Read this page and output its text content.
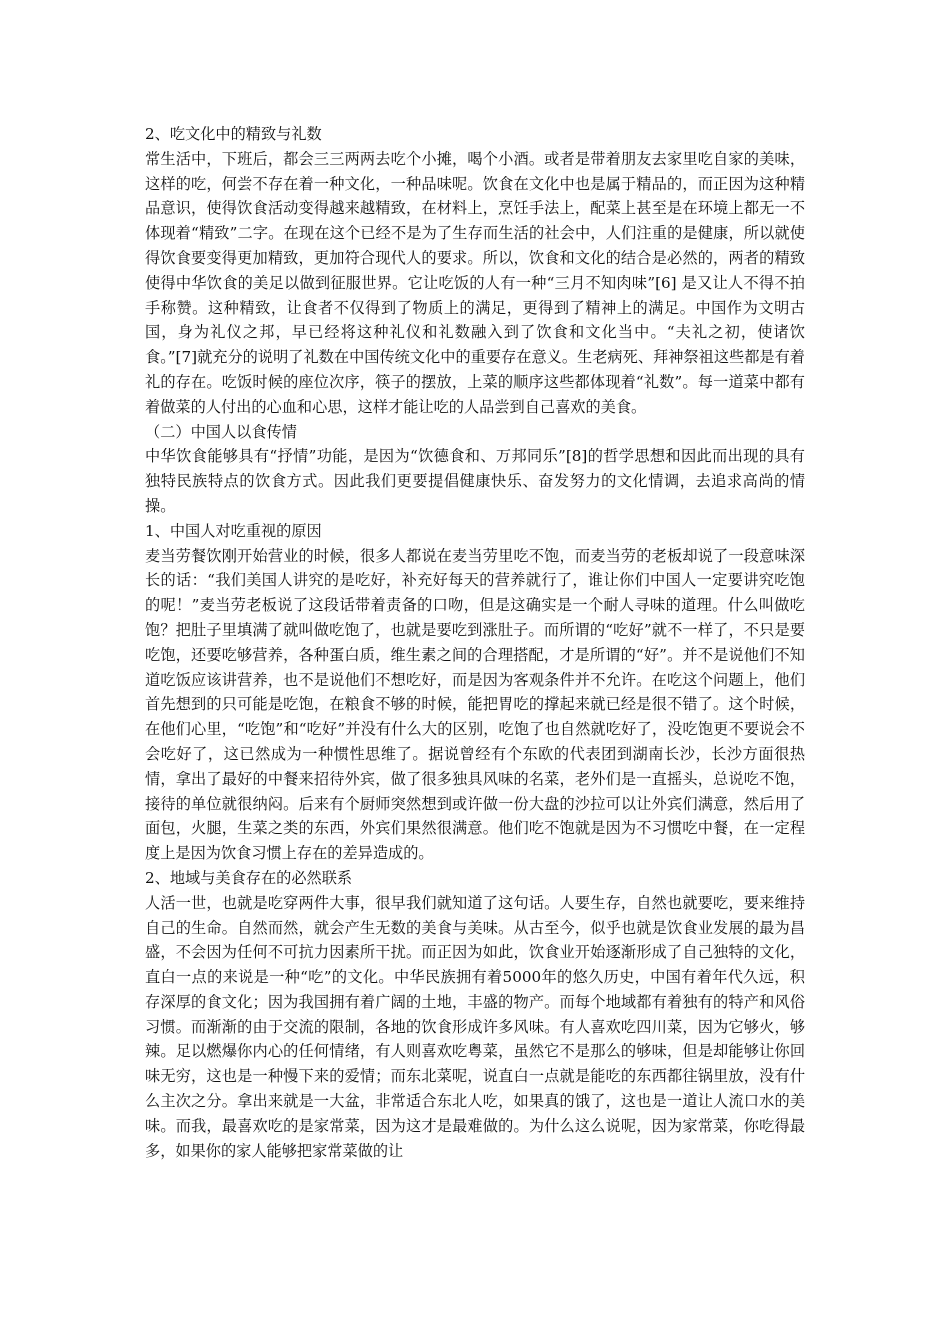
2、吃文化中的精致与礼数

常生活中，下班后，都会三三两两去吃个小摊，喝个小酒。或者是带着朋友去家里吃自家的美味，这样的吃，何尝不存在着一种文化，一种品味呢。饮食在文化中也是属于精品的，而正因为这种精品意识，使得饮食活动变得越来越精致，在材料上，烹饪手法上，配菜上甚至是在环境上都无一不体现着“精致”二字。在现在这个已经不是为了生存而生活的社会中，人们注重的是健康，所以就使得饮食要变得更加精致，更加符合现代人的要求。所以，饮食和文化的结合是必然的，两者的精致使得中华饮食的美足以做到征服世界。它让吃饭的人有一种“三月不知肉味”[6] 是又让人不得不拍手称赞。这种精致，让食者不仅得到了物质上的满足，更得到了精神上的满足。中国作为文明古国，身为礼仪之邦，早已经将这种礼仪和礼数融入到了饮食和文化当中。“夫礼之初，使诸饮食。”[7]就充分的说明了礼数在中国传统文化中的重要存在意义。生老病死、拜神祭祖这些都是有着礼的存在。吃饭时候的座位次序，筷子的摆放，上菜的顺序这些都体现着“礼数”。每一道菜中都有着做菜的人付出的心血和心思，这样才能让吃的人品尝到自己喜欢的美食。

（二）中国人以食传情

中华饮食能够具有“抒情”功能，是因为“饮德食和、万邦同乐”[8]的哲学思想和因此而出现的具有独特民族特点的饮食方式。因此我们更要提倡健康快乐、奋发努力的文化情调，去追求高尚的情操。

1、中国人对吃重视的原因

麦当劳餐饮刚开始营业的时候，很多人都说在麦当劳里吃不饱，而麦当劳的老板却说了一段意味深长的话：“我们美国人讲究的是吃好，补充好每天的营养就行了，谁让你们中国人一定要讲究吃饱的呢！”麦当劳老板说了这段话带着责备的口吻，但是这确实是一个耐人寻味的道理。什么叫做吃饱？把肚子里填满了就叫做吃饱了，也就是要吃到涨肚子。而所谓的“吃好”就不一样了，不只是要吃饱，还要吃够营养，各种蛋白质，维生素之间的合理搭配，才是所谓的“好”。并不是说他们不知道吃饭应该讲营养，也不是说他们不想吃好，而是因为客观条件并不允许。在吃这个问题上，他们首先想到的只可能是吃饱，在粮食不够的时候，能把胃吃的撑起来就已经是很不错了。这个时候，在他们心里，“吃饱”和“吃好”并没有什么大的区别，吃饱了也自然就吃好了，没吃饱更不要说会不会吃好了，这已然成为一种惯性思维了。据说曾经有个东欧的代表团到湖南长沙，长沙方面很热情，拿出了最好的中餐来招待外宾，做了很多独具风味的名菜，老外们是一直摇头，总说吃不饱，接待的单位就很纳闷。后来有个厨师突然想到或许做一份大盘的沙拉可以让外宾们满意，然后用了面包，火腿，生菜之类的东西，外宾们果然很满意。他们吃不饱就是因为不习惯吃中餐，在一定程度上是因为饮食习惯上存在的差异造成的。

2、地域与美食存在的必然联系

人活一世，也就是吃穿两件大事，很早我们就知道了这句话。人要生存，自然也就要吃，要来维持自己的生命。自然而然，就会产生无数的美食与美味。从古至今，似乎也就是饮食业发展的最为昌盛，不会因为任何不可抗力因素所干扰。而正因为如此，饮食业开始逐渐形成了自己独特的文化，直白一点的来说是一种“吃”的文化。中华民族拥有着5000年的悠久历史，中国有着年代久远，积存深厚的食文化；因为我国拥有着广阔的土地，丰盛的物产。而每个地域都有着独有的特产和风俗习惯。而渐渐的由于交流的限制，各地的饮食形成许多风味。有人喜欢吃四川菜，因为它够火，够辣。足以燃爆你内心的任何情绪，有人则喜欢吃粤菜，虽然它不是那么的够味，但是却能够让你回味无穷，这也是一种慢下来的爱情；而东北菜呢，说直白一点就是能吃的东西都往锅里放，没有什么主次之分。拿出来就是一大盆，非常适合东北人吃，如果真的饿了，这也是一道让人流口水的美味。而我，最喜欢吃的是家常菜，因为这才是最难做的。为什么这么说呢，因为家常菜，你吃得最多，如果你的家人能够把家常菜做的让
